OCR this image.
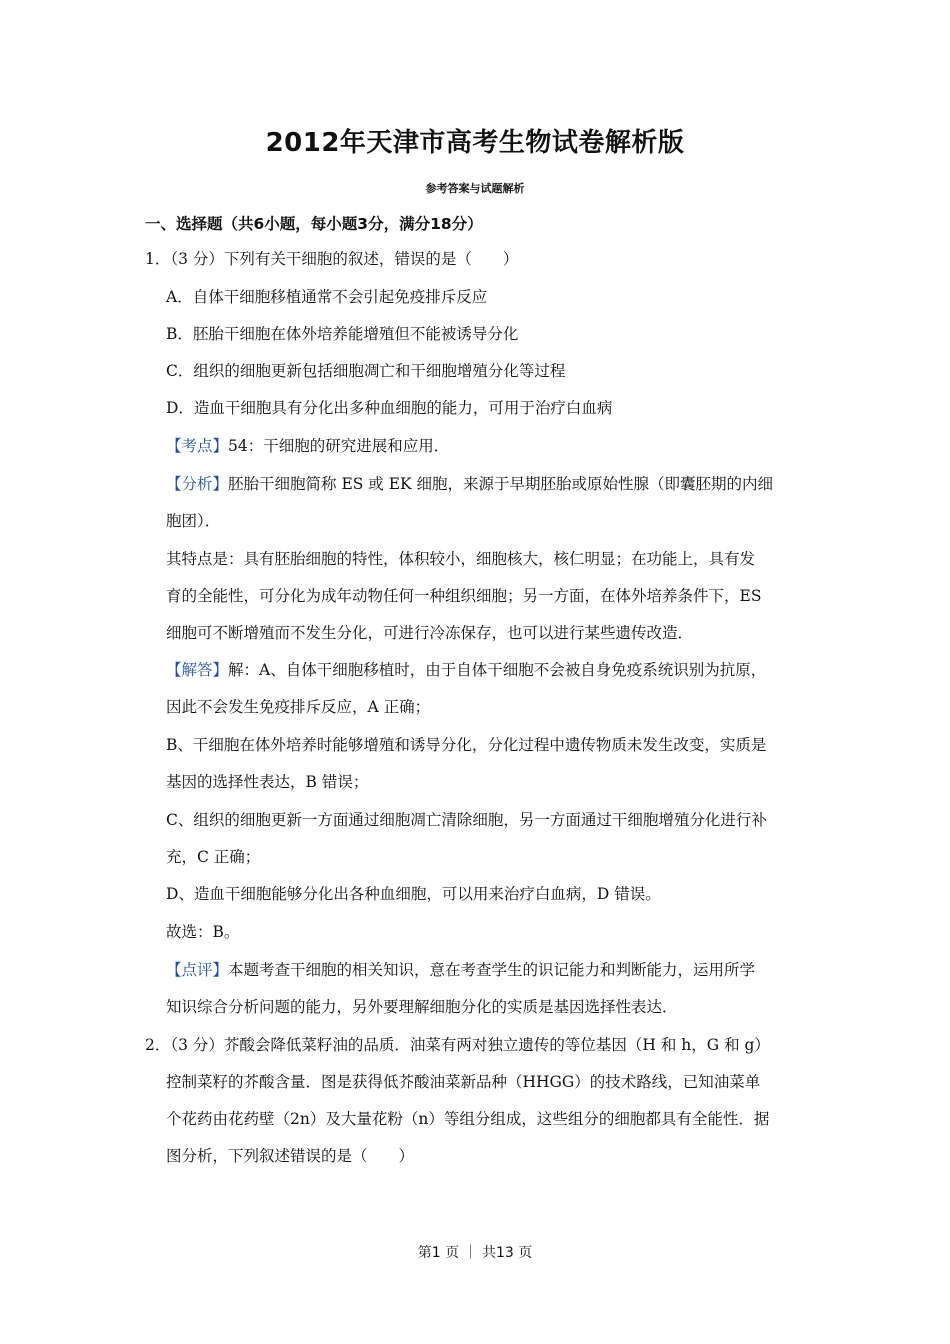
2012年天津市高考生物试卷解析版
参考答案与试题解析
一、选择题（共6小题，每小题3分，满分18分）
1．（3 分）下列有关干细胞的叙述，错误的是（　　）
A．自体干细胞移植通常不会引起免疫排斥反应
B．胚胎干细胞在体外培养能增殖但不能被诱导分化
C．组织的细胞更新包括细胞凋亡和干细胞增殖分化等过程
D．造血干细胞具有分化出多种血细胞的能力，可用于治疗白血病
【考点】54：干细胞的研究进展和应用．
【分析】胚胎干细胞简称 ES 或 EK 细胞，来源于早期胚胎或原始性腺（即囊胚期的内细
胞团）．
其特点是：具有胚胎细胞的特性，体积较小，细胞核大，核仁明显；在功能上，具有发
育的全能性，可分化为成年动物任何一种组织细胞；另一方面，在体外培养条件下，ES
细胞可不断增殖而不发生分化，可进行冷冻保存，也可以进行某些遗传改造．
【解答】解：A、自体干细胞移植时，由于自体干细胞不会被自身免疫系统识别为抗原，
因此不会发生免疫排斥反应，A 正确；
B、干细胞在体外培养时能够增殖和诱导分化，分化过程中遗传物质未发生改变，实质是
基因的选择性表达，B 错误；
C、组织的细胞更新一方面通过细胞凋亡清除细胞，另一方面通过干细胞增殖分化进行补
充，C 正确；
D、造血干细胞能够分化出各种血细胞，可以用来治疗白血病，D 错误。
故选：B。
【点评】本题考查干细胞的相关知识，意在考查学生的识记能力和判断能力，运用所学
知识综合分析问题的能力，另外要理解细胞分化的实质是基因选择性表达．
2．（3 分）芥酸会降低菜籽油的品质．油菜有两对独立遗传的等位基因（H 和 h，G 和 g）
控制菜籽的芥酸含量．图是获得低芥酸油菜新品种（HHGG）的技术路线，已知油菜单
个花药由花药壁（2n）及大量花粉（n）等组分组成，这些组分的细胞都具有全能性．据
图分析，下列叙述错误的是（　　）
第1 页 ｜ 共13 页
